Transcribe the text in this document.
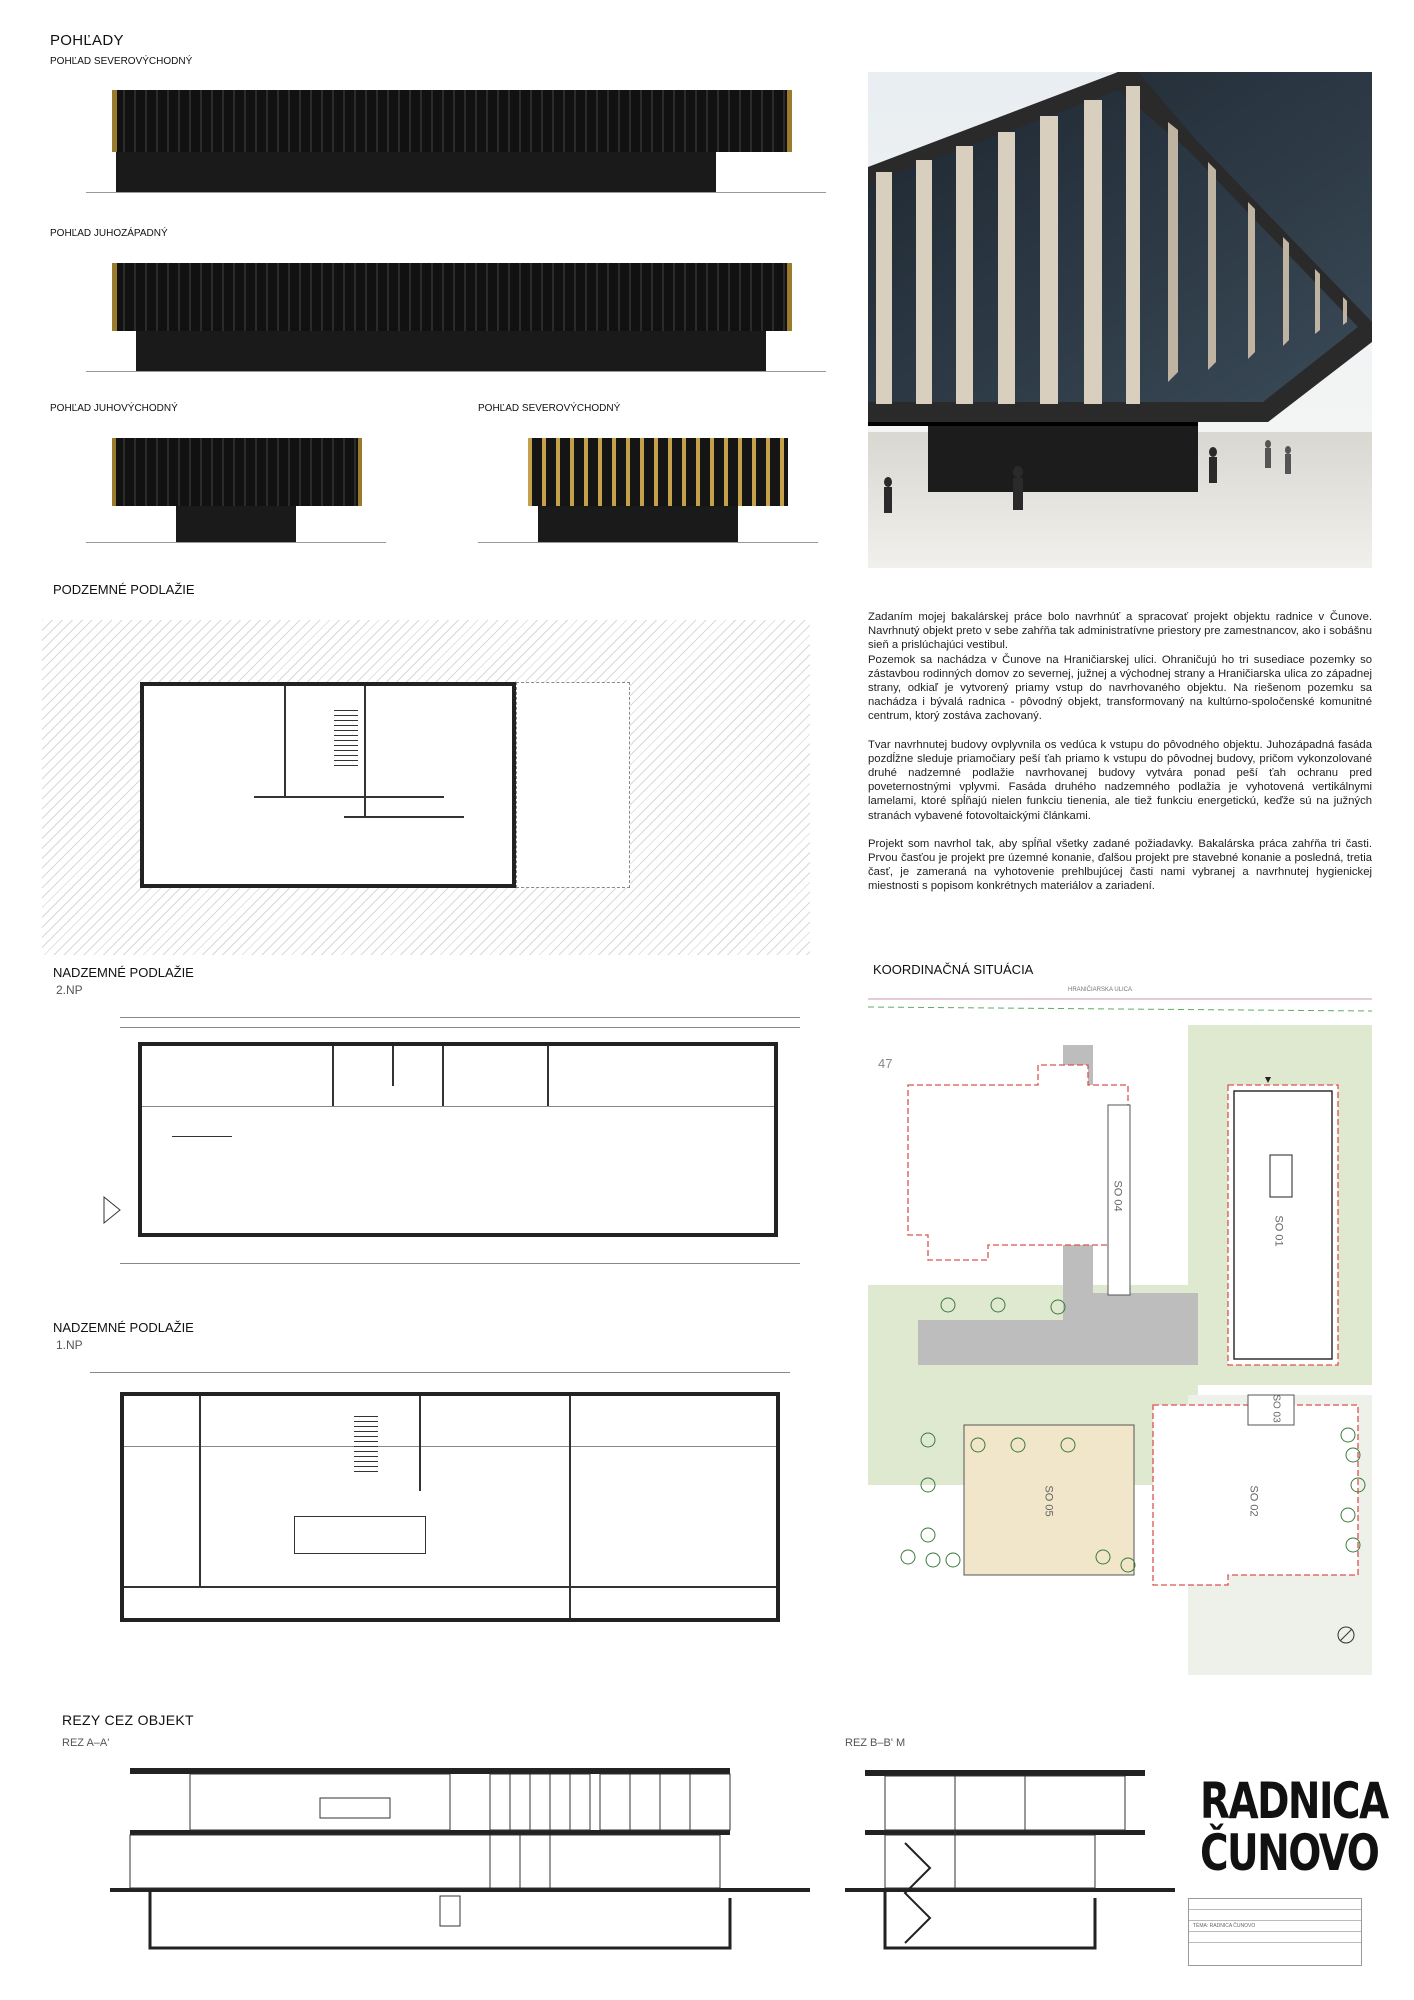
POHĽADY
POHĽAD SEVEROVÝCHODNÝ
POHĽAD JUHOZÁPADNÝ
POHĽAD JUHOVÝCHODNÝ	POHĽAD SEVEROVÝCHODNÝ
PODZEMNÉ PODLAŽIE

Zadaním mojej bakalárskej práce bolo navrhnúť a spracovať projekt objektu radnice v Čunove. Navrhnutý objekt preto v sebe zahŕňa tak administratívne priestory pre zamestnancov, ako i sobášnu sieň a prislúchajúci vestibul.

Pozemok sa nachádza v Čunove na Hraničiarskej ulici. Ohraničujú ho tri susediace pozemky so zástavbou rodinných domov zo severnej, južnej a východnej strany a Hraničiarska ulica zo západnej strany, odkiaľ je vytvorený priamy vstup do navrhovaného objektu. Na riešenom pozemku sa nachádza i bývalá radnica - pôvodný objekt, transformovaný na kultúrno-spoločenské komunitné centrum, ktorý zostáva zachovaný.

Tvar navrhnutej budovy ovplyvnila os vedúca k vstupu do pôvodného objektu. Juhozápadná fasáda pozdĺžne sleduje priamočiary peší ťah priamo k vstupu do pôvodnej budovy, pričom vykonzolované druhé nadzemné podlažie navrhovanej budovy vytvára ponad peší ťah ochranu pred poveternostnými vplyvmi. Fasáda druhého nadzemného podlažia je vyhotovená vertikálnymi lamelami, ktoré spĺňajú nielen funkciu tienenia, ale tiež funkciu energetickú, keďže sú na južných stranách vybavené fotovoltaickými článkami.

Projekt som navrhol tak, aby spĺňal všetky zadané požiadavky. Bakalárska práca zahŕňa tri časti. Prvou časťou je projekt pre územné konanie, ďalšou projekt pre stavebné konanie a posledná, tretia časť, je zameraná na vyhotovenie prehlbujúcej časti nami vybranej a navrhnutej hygienickej miestnosti s popisom konkrétnych materiálov a zariadení.

NADZEMNÉ PODLAŽIE
2.NP
NADZEMNÉ PODLAŽIE
1.NP
KOORDINAČNÁ SITUÁCIA
47
HRANIČIARSKA ULICA
SO 01
SO 02
SO 03
SO 04
SO 05
REZY CEZ OBJEKT
REZ A–A'	REZ B–B' M
RADNICA
ČUNOVO
TÉMA: RADNICA ČUNOVO
